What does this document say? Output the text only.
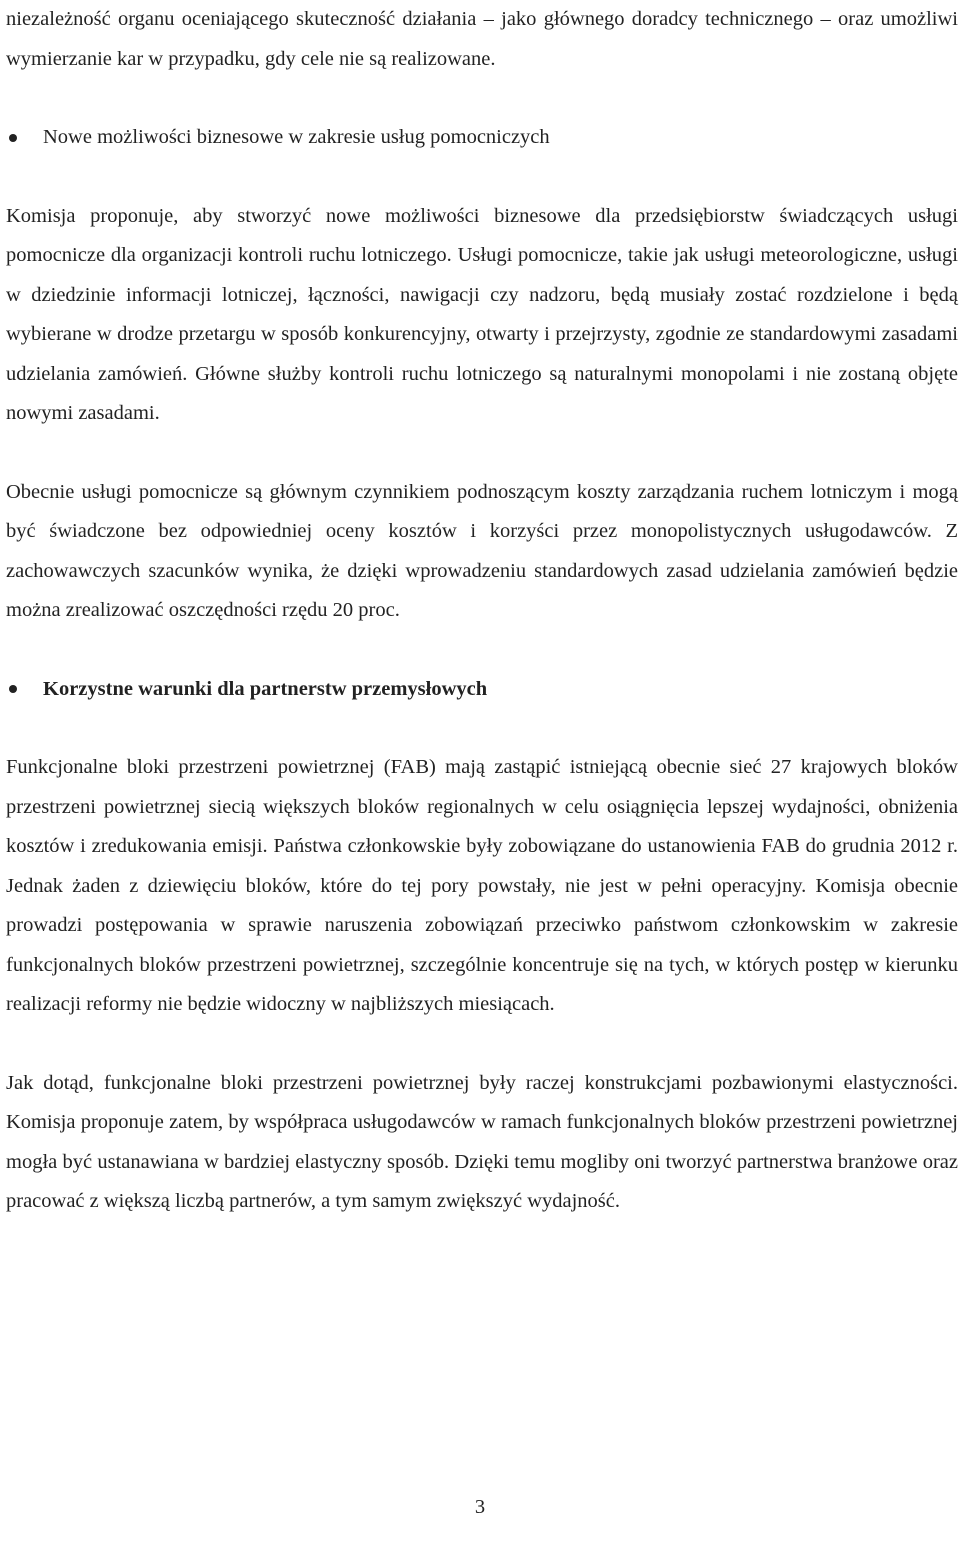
niezależność organu oceniającego skuteczność działania – jako głównego doradcy technicznego – oraz umożliwi wymierzanie kar w przypadku, gdy cele nie są realizowane.

Nowe możliwości biznesowe w zakresie usług pomocniczych

Komisja proponuje, aby stworzyć nowe możliwości biznesowe dla przedsiębiorstw świadczących usługi pomocnicze dla organizacji kontroli ruchu lotniczego. Usługi pomocnicze, takie jak usługi meteorologiczne, usługi w dziedzinie informacji lotniczej, łączności, nawigacji czy nadzoru, będą musiały zostać rozdzielone i będą wybierane w drodze przetargu w sposób konkurencyjny, otwarty i przejrzysty, zgodnie ze standardowymi zasadami udzielania zamówień. Główne służby kontroli ruchu lotniczego są naturalnymi monopolami i nie zostaną objęte nowymi zasadami.

Obecnie usługi pomocnicze są głównym czynnikiem podnoszącym koszty zarządzania ruchem lotniczym i mogą być świadczone bez odpowiedniej oceny kosztów i korzyści przez monopolistycznych usługodawców. Z zachowawczych szacunków wynika, że dzięki wprowadzeniu standardowych zasad udzielania zamówień będzie można zrealizować oszczędności rzędu 20 proc.

Korzystne warunki dla partnerstw przemysłowych

Funkcjonalne bloki przestrzeni powietrznej (FAB) mają zastąpić istniejącą obecnie sieć 27 krajowych bloków przestrzeni powietrznej siecią większych bloków regionalnych w celu osiągnięcia lepszej wydajności, obniżenia kosztów i zredukowania emisji. Państwa członkowskie były zobowiązane do ustanowienia FAB do grudnia 2012 r. Jednak żaden z dziewięciu bloków, które do tej pory powstały, nie jest w pełni operacyjny. Komisja obecnie prowadzi postępowania w sprawie naruszenia zobowiązań przeciwko państwom członkowskim w zakresie funkcjonalnych bloków przestrzeni powietrznej, szczególnie koncentruje się na tych, w których postęp w kierunku realizacji reformy nie będzie widoczny w najbliższych miesiącach.

Jak dotąd, funkcjonalne bloki przestrzeni powietrznej były raczej konstrukcjami pozbawionymi elastyczności. Komisja proponuje zatem, by współpraca usługodawców w ramach funkcjonalnych bloków przestrzeni powietrznej mogła być ustanawiana w bardziej elastyczny sposób. Dzięki temu mogliby oni tworzyć partnerstwa branżowe oraz pracować z większą liczbą partnerów, a tym samym zwiększyć wydajność.

3
